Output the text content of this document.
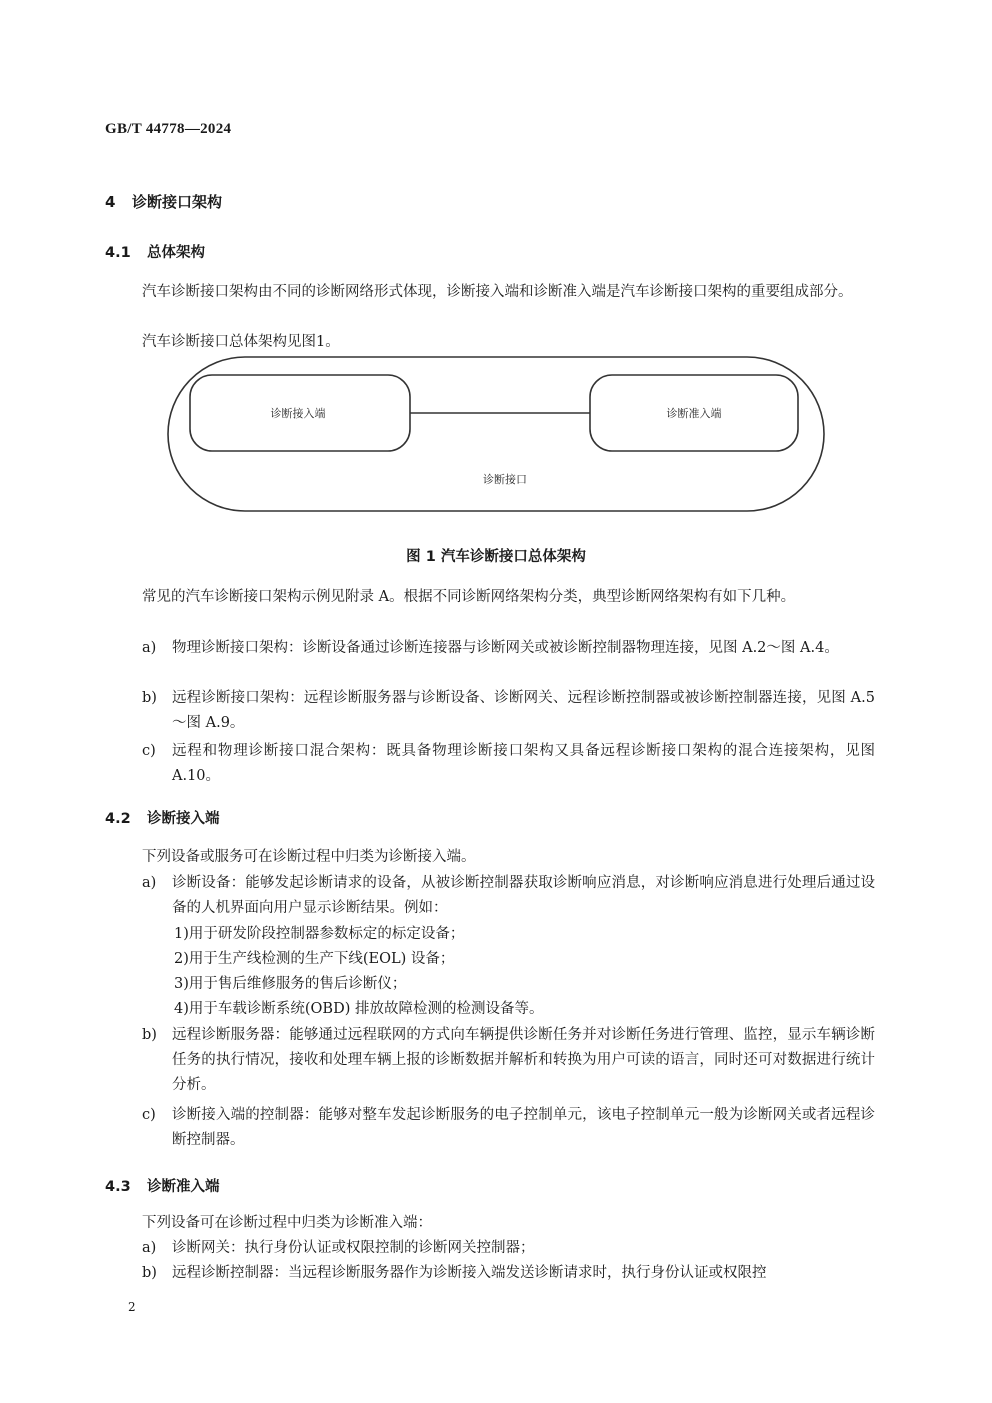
GB/T 44778—2024
4 诊断接口架构
4.1 总体架构
汽车诊断接口架构由不同的诊断网络形式体现，诊断接入端和诊断准入端是汽车诊断接口架构的重要组成部分。
汽车诊断接口总体架构见图1。
诊断接入端	诊断准入端
诊断接口
图 1 汽车诊断接口总体架构
常见的汽车诊断接口架构示例见附录 A。根据不同诊断网络架构分类，典型诊断网络架构有如下几种。
a)	物理诊断接口架构：诊断设备通过诊断连接器与诊断网关或被诊断控制器物理连接，见图 A.2～图 A.4。
b)	远程诊断接口架构：远程诊断服务器与诊断设备、诊断网关、远程诊断控制器或被诊断控制器连接，见图 A.5～图 A.9。
c)	远程和物理诊断接口混合架构：既具备物理诊断接口架构又具备远程诊断接口架构的混合连接架构，见图A.10。
4.2 诊断接入端
下列设备或服务可在诊断过程中归类为诊断接入端。
a)	诊断设备：能够发起诊断请求的设备，从被诊断控制器获取诊断响应消息，对诊断响应消息进行处理后通过设备的人机界面向用户显示诊断结果。例如：
1)用于研发阶段控制器参数标定的标定设备；
2)用于生产线检测的生产下线(EOL) 设备；
3)用于售后维修服务的售后诊断仪；
4)用于车载诊断系统(OBD) 排放故障检测的检测设备等。
b)	远程诊断服务器：能够通过远程联网的方式向车辆提供诊断任务并对诊断任务进行管理、监控，显示车辆诊断任务的执行情况，接收和处理车辆上报的诊断数据并解析和转换为用户可读的语言，同时还可对数据进行统计分析。
c)	诊断接入端的控制器：能够对整车发起诊断服务的电子控制单元，该电子控制单元一般为诊断网关或者远程诊断控制器。
4.3 诊断准入端
下列设备可在诊断过程中归类为诊断准入端：
a)	诊断网关：执行身份认证或权限控制的诊断网关控制器；
b)	远程诊断控制器：当远程诊断服务器作为诊断接入端发送诊断请求时，执行身份认证或权限控
2
